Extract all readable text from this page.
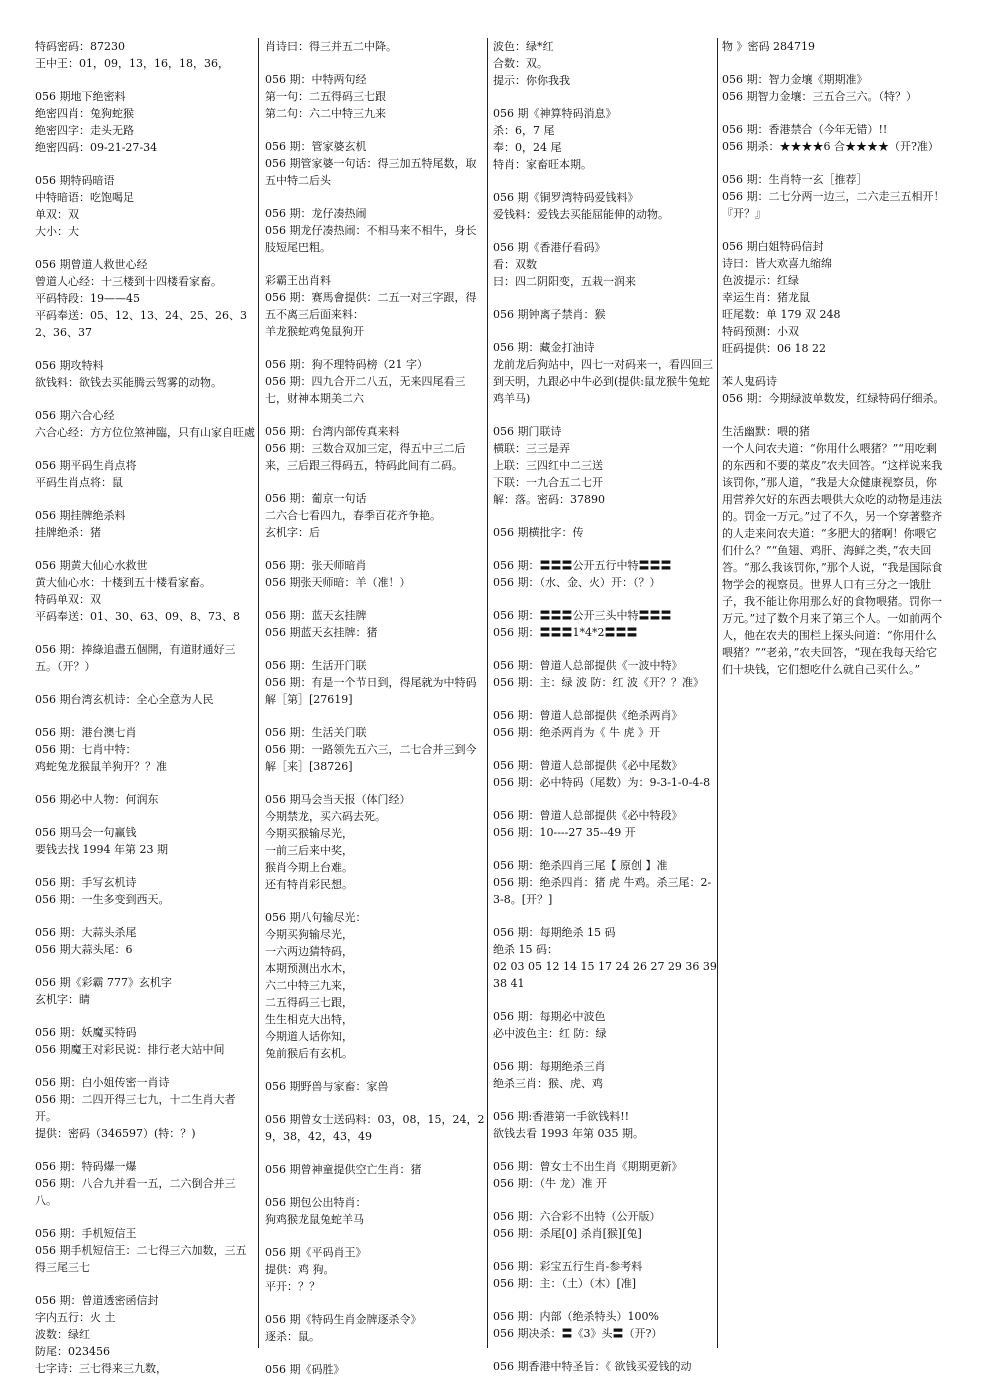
特码密码：87230
王中王：01，09，13，16，18，36，
056 期地下绝密料
绝密四肖：兔狗蛇猴
绝密四字：走头无路
绝密四码：09-21-27-34
056 期特码暗语
中特暗语：吃饱喝足
单双：双
大小：大
056 期曾道人救世心经
曾道人心经：十三楼到十四楼看家畜。
平码特段：19——45
平码奉送：05、12、13、24、25、26、32、36、37
056 期攻特料
欲钱料：欲钱去买能腾云驾雾的动物。
056 期六合心经
六合心经：方方位位煞神臨，只有山家自旺處
056 期平码生肖点将
平码生肖点将：鼠
056 期挂牌绝杀料
挂牌绝杀：猪
056 期黄大仙心水救世
黄大仙心水：十楼到五十楼看家畜。
特码单双：双
平码奉送：01、30、63、09、8、73、8
056 期：捧綠追盡五個開，有道財通好三五。（开？）
056 期台湾玄机诗：全心全意为人民
056 期：港台澳七肖
056 期：七肖中特：
鸡蛇兔龙猴鼠羊狗开？？准
056 期必中人物：何润东
056 期马会一句赢钱
要钱去找 1994 年第 23 期
056 期：手写玄机诗
056 期：一生多变到西天。
056 期：大蒜头杀尾
056 期大蒜头尾：6
056 期《彩霸 777》玄机字
玄机字：睛
056 期：妖魔买特码
056 期魔王对彩民说：排行老大站中间
056 期：白小姐传密一肖诗
056 期：二四开得三七九，十二生肖大者开。
提供：密码（346597）(特：？)
056 期：特码爆一爆
056 期：八合九并看一五，二六倒合并三八。
056 期：手机短信王
056 期手机短信王：二七得三六加数，三五得三尾三七
056 期：曾道透密函信封
字内五行：火 土
波数：绿红
防尾：023456
七字诗：三七得来三九数，
肖诗曰：得三并五二中降。
056 期：中特两句经
第一句：二五得码三七跟
第二句：六二中特三九来
056 期：管家婆玄机
056 期管家婆一句话：得三加五特尾数，取五中特二后头
056 期：龙仔凑热闹
056 期龙仔凑热闹：不相马来不相牛，身长肢短尾巴粗。
彩霸王出肖料
056 期：赛馬會提供：二五一对三字跟，得五不离三后面来料：
羊龙猴蛇鸡兔鼠狗开
056 期：狗不理特码榜（21 字）
056 期：四九合开二八五，无来四尾看三七，财神本期美二六
056 期：台湾内部传真来料
056 期：三数合双加三定，得五中三二后来，三后跟三得码五，特码此间有二码。
056 期：葡京一句话
二六合七看四九，春季百花齐争艳。
玄机字：后
056 期：张天师暗肖
056 期张天师暗：羊（准！）
056 期：蓝天玄挂牌
056 期蓝天玄挂牌：猪
056 期：生活开门联
056 期：有是一个节日到，得尾就为中特码解［第］[27619]
056 期：生活关门联
056 期：一路领先五六三，二七合并三到今解［来］[38726]
056 期马会当天报（体门经）
今期禁龙，买六码去死。
今期买猴输尽光，
一前三后来中奖，
猴肖今期上台难。
还有特肖彩民想。
056 期八句输尽光：
今期买狗输尽光，
一六两边猜特码，
本期预测出水木，
六二中特三九来，
二五得码三七跟，
生生相克大出特，
今期道人话你知，
兔前猴后有玄机。
056 期野兽与家畜：家兽
056 期曾女士送码料：03，08，15，24，29，38，42，43，49
056 期曾神童提供空亡生肖：猪
056 期包公出特肖：
狗鸡猴龙鼠兔蛇羊马
056 期《平码肖王》
提供：鸡 狗。
平开：？？
056 期《特码生肖金牌逐杀令》
逐杀：鼠。
056 期《码胜》
波色：绿*红
合数：双。
提示：你你我我
056 期《神算特码消息》
杀：6，7 尾
奉：0，24 尾
特肖：家畜旺本期。
056 期《铜罗湾特码爱钱料》
爱钱料：爱钱去买能屈能伸的动物。
056 期《香港仔看码》
看：双数
曰：四二阴阳变，五栽一润来
056 期钟离子禁肖：猴
056 期：藏金打油诗
龙前龙后狗站中，四七一对码来一，看四回三到天明，九跟必中牛必到(提供:鼠龙猴牛兔蛇鸡羊马)
056 期门联诗
横联：三三是弄
上联：三四红中二三送
下联：一九合五二七开
解：落。密码：37890
056 期横批字：传
056 期：〓〓〓公开五行中特〓〓〓
056 期：（水、金、火）开：（？）
056 期：〓〓〓公开三头中特〓〓〓
056 期：〓〓〓1*4*2〓〓〓
056 期：曾道人总部提供《一波中特》
056 期：主：绿 波 防：红 波《开？？准》
056 期：曾道人总部提供《绝杀两肖》
056 期：绝杀两肖为《 牛 虎 》开
056 期：曾道人总部提供《必中尾数》
056 期：必中特码（尾数）为：9-3-1-0-4-8
056 期：曾道人总部提供《必中特段》
056 期：10----27 35--49 开
056 期：绝杀四肖三尾【 原创 】准
056 期：绝杀四肖：猪 虎 牛鸡。杀三尾：2-3-8。[开？]
056 期：每期绝杀 15 码
绝杀 15 码：
02 03 05 12 14 15 17 24 26 27 29 36 39 38 41
056 期：每期必中波色
必中波色主：红 防：绿
056 期：每期绝杀三肖
绝杀三肖：猴、虎、鸡
056 期:香港第一手欲钱料!!
欲钱去看 1993 年第 035 期。
056 期：曾女士不出生肖《期期更新》
056 期：（牛 龙）准 开
056 期：六合彩不出特（公开版）
056 期：杀尾[0] 杀肖[猴][兔]
056 期：彩宝五行生肖-参考料
056 期：主：（土）（木）[准]
056 期：内部（绝杀特头）100%
056 期决杀：〓《3》头〓（开?）
056 期香港中特圣旨：《 欲钱买爱钱的动
物 》密码 284719
056 期：智力金壤《期期准》
056 期智力金壤：三五合三六。（特？）
056 期：香港禁合（今年无错）!!
056 期杀：★★★★6 合★★★★（开?准）
056 期：生肖特一玄［推荐］
056 期：二七分两一边三，二六走三五相开！『开？』
056 期白姐特码信封
诗曰：皆大欢喜九缩绵
色波提示：红绿
幸运生肖：猪龙鼠
旺尾数：单 179 双 248
特码预测：小双
旺码提供：06 18 22
苯人鬼码诗
056 期：今期绿波单数发，红绿特码仔细杀。
生活幽默：喂的猪
一个人问农夫道：“你用什么喂猪？”“用吃剩的东西和不要的菜皮”农夫回答。“这样说来我该罚你，”那人道，“我是大众健康视察员，你用营养欠好的东西去喂供大众吃的动物是违法的。罚金一万元。”过了不久，另一个穿著整齐的人走来问农夫道：“多肥大的猪啊！你喂它们什么？”“鱼翅、鸡肝、海鲜之类，”农夫回答。“那么我该罚你，”那个人说，“我是国际食物学会的视察员。世界人口有三分之一饿肚子，我不能让你用那么好的食物喂猪。罚你一万元。”过了数个月来了第三个人。一如前两个人，他在农夫的围栏上探头问道：“你用什么喂猪？”“老弟，”农夫回答，“现在我每天给它们十块钱，它们想吃什么就自己买什么。”
